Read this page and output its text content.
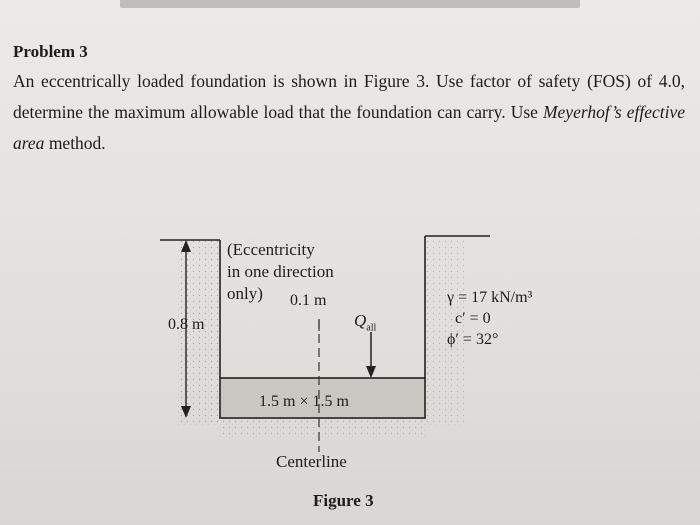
Problem 3

An eccentrically loaded foundation is shown in Figure 3. Use factor of safety (FOS) of 4.0, determine the maximum allowable load that the foundation can carry. Use Meyerhof’s effective area method.

(Eccentricity
in one direction
only)	0.1 m
0.8 m	$Q_{all}$
γ = 17 kN/m³
c′ = 0
ϕ′ = 32°
1.5 m × 1.5 m
Centerline
Figure 3
